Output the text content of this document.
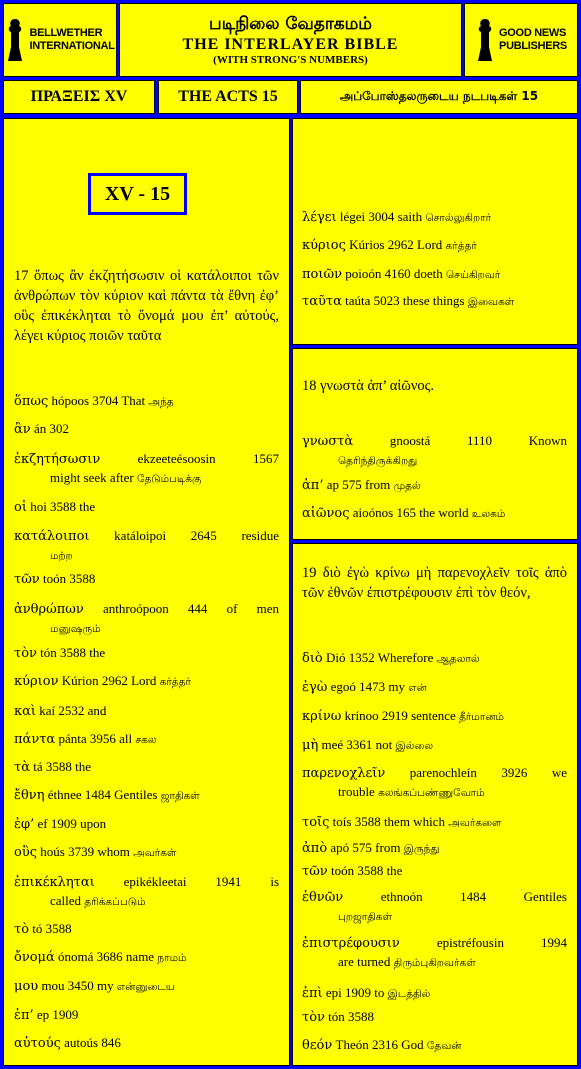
BELLWETHER
INTERNATIONAL
படிநிலை வேதாகமம்
THE INTERLAYER BIBLE
(WITH STRONG'S NUMBERS)
GOOD NEWS
PUBLISHERS
ΠΡΑΞΕΙΣ XV	THE ACTS 15	அப்போஸ்தலருடைய நடபடிகள் 15
XV - 15
17 ὅπως ἂν ἐκζητήσωσιν οἱ κατάλοιποι τῶν ἀνθρώπων τὸν κύριον καὶ πάντα τὰ ἔθνη ἐφ’ οὓς ἐπικέκληται τὸ ὄνομά μου ἐπ’ αὐτούς, λέγει κύριος ποιῶν ταῦτα
ὅπως hópoos 3704 That அந்த
ἂν án 302
ἐκζητήσωσιν	ekzeeteésoosin 1567
might seek after தேடும்படிக்கு
οἱ hoi 3588 the
κατάλοιποι katáloipoi 2645 residue
மற்ற
τῶν toón 3588
ἀνθρώπων anthroópoon 444 of men
மனுஷரும்
τὸν tón 3588 the
κύριον Kúrion 2962 Lord கர்த்தர்
καὶ kaí 2532 and
πάντα pánta 3956 all சகல
τὰ tá 3588 the
ἔθνη éthnee 1484 Gentiles ஜாதிகள்
ἐφ’ ef 1909 upon
οὓς hoús 3739 whom அவர்கள்
ἐπικέκληται epikékleetai 1941 is
called தரிக்கப்படும்
τὸ tó 3588
ὄνομά ónomá 3686 name நாமம்
μου mou 3450 my என்னுடைய
ἐπ’ ep 1909
αὐτούς autoús 846
λέγει légei 3004 saith சொல்லுகிறார்
κύριος Kúrios 2962 Lord கர்த்தர்
ποιῶν poioón 4160 doeth செய்கிறவர்
ταῦτα taúta 5023 these things இவைகள்
18 γνωστὰ ἀπ’ αἰῶνος.
γνωστὰ	gnoostá 1110 Known
தெரிந்திருக்கிறது
ἀπ’ ap 575 from முதல்
αἰῶνος aioónos 165 the world உலகம்
19 διὸ ἐγὼ κρίνω μὴ παρενοχλεῖν τοῖς ἀπὸ τῶν ἐθνῶν ἐπιστρέφουσιν ἐπὶ τὸν θεόν,
διὸ Dió 1352 Wherefore ஆதலால்
ἐγὼ egoó 1473 my என்
κρίνω krínoo 2919 sentence தீர்மானம்
μὴ meé 3361 not இல்லை
παρενοχλεῖν parenochleín 3926 we
trouble கலங்கப்பண்ணுவோம்
τοῖς toís 3588 them which அவர்களை
ἀπὸ apó 575 from இருந்து
τῶν toón 3588 the
ἐθνῶν	ethnoón 1484 Gentiles
புறஜாதிகள்
ἐπιστρέφουσιν	epistréfousin 1994
are turned திரும்புகிறவர்கள்
ἐπὶ epi 1909 to இடத்தில்
τὸν tón 3588
θεόν Theón 2316 God தேவன்
